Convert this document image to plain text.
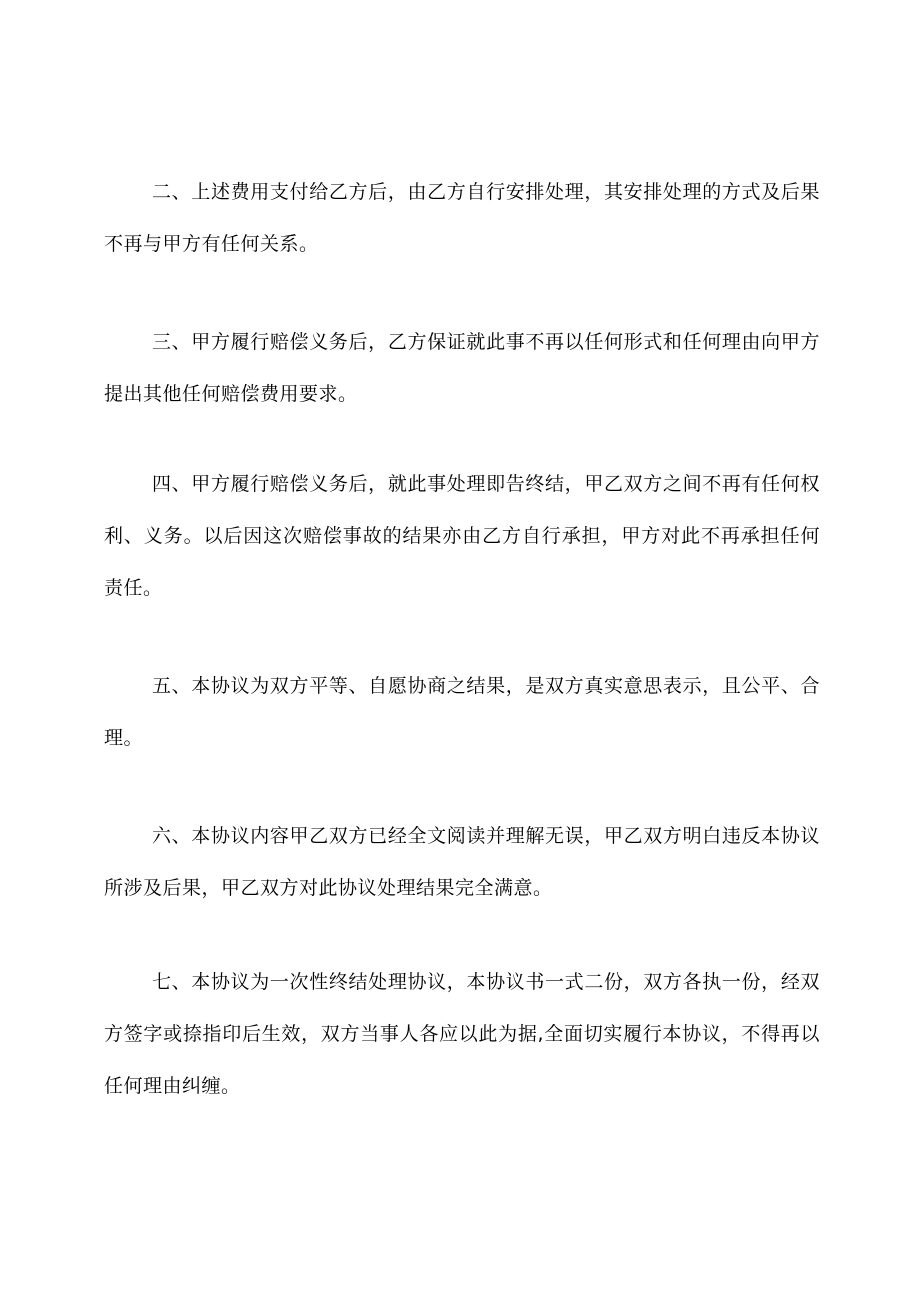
二、上述费用支付给乙方后，由乙方自行安排处理，其安排处理的方式及后果不再与甲方有任何关系。

三、甲方履行赔偿义务后，乙方保证就此事不再以任何形式和任何理由向甲方提出其他任何赔偿费用要求。

四、甲方履行赔偿义务后，就此事处理即告终结，甲乙双方之间不再有任何权利、义务。以后因这次赔偿事故的结果亦由乙方自行承担，甲方对此不再承担任何责任。

五、本协议为双方平等、自愿协商之结果，是双方真实意思表示，且公平、合理。

六、本协议内容甲乙双方已经全文阅读并理解无误，甲乙双方明白违反本协议所涉及后果，甲乙双方对此协议处理结果完全满意。

七、本协议为一次性终结处理协议，本协议书一式二份，双方各执一份，经双方签字或捺指印后生效，双方当事人各应以此为据,全面切实履行本协议，不得再以任何理由纠缠。
